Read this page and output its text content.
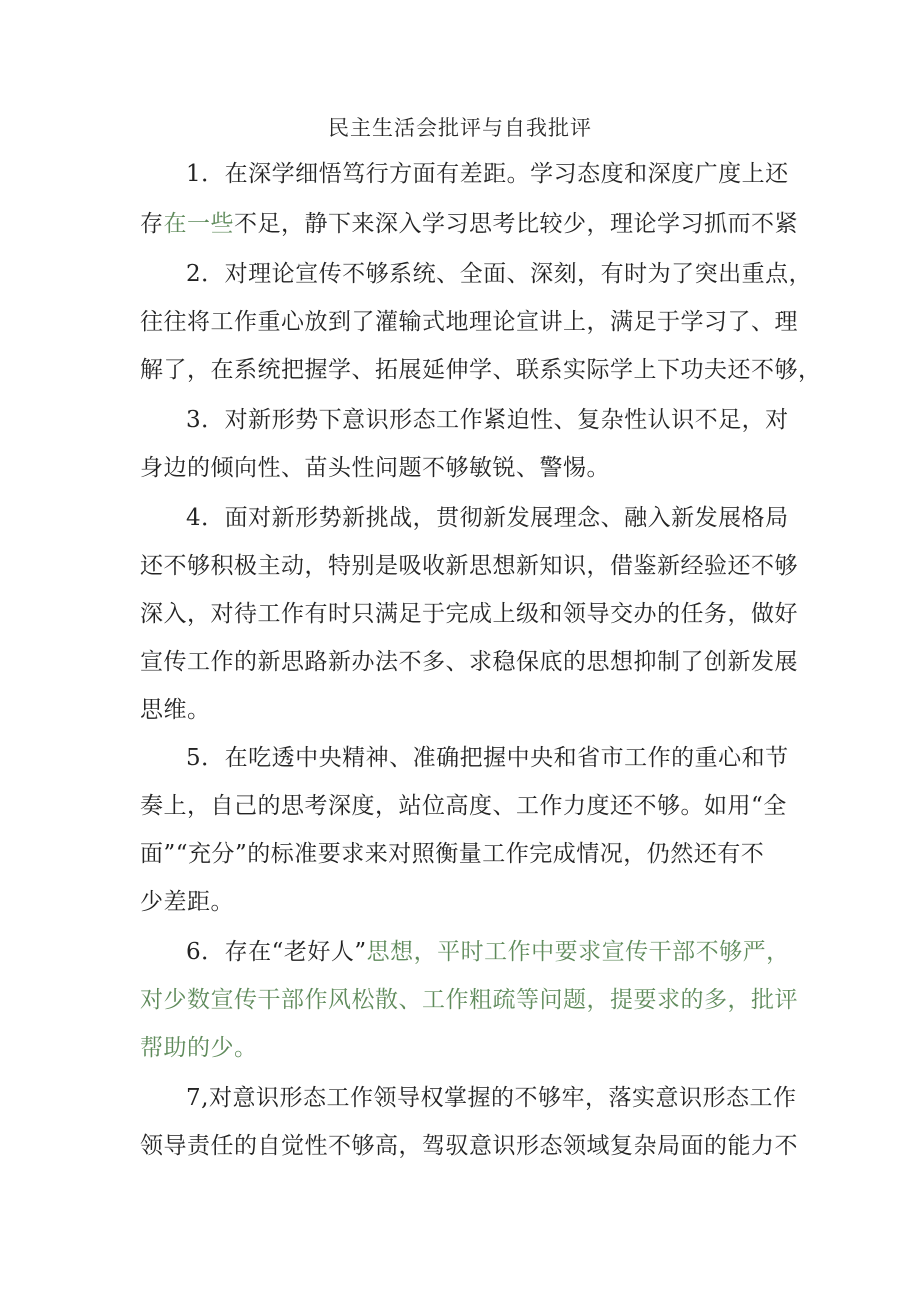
民主生活会批评与自我批评
1．在深学细悟笃行方面有差距。学习态度和深度广度上还
存在一些不足，静下来深入学习思考比较少，理论学习抓而不紧
2．对理论宣传不够系统、全面、深刻，有时为了突出重点，
往往将工作重心放到了灌输式地理论宣讲上，满足于学习了、理
解了，在系统把握学、拓展延伸学、联系实际学上下功夫还不够，
3．对新形势下意识形态工作紧迫性、复杂性认识不足，对
身边的倾向性、苗头性问题不够敏锐、警惕。
4．面对新形势新挑战，贯彻新发展理念、融入新发展格局
还不够积极主动，特别是吸收新思想新知识，借鉴新经验还不够
深入，对待工作有时只满足于完成上级和领导交办的任务，做好
宣传工作的新思路新办法不多、求稳保底的思想抑制了创新发展
思维。
5．在吃透中央精神、准确把握中央和省市工作的重心和节
奏上，自己的思考深度，站位高度、工作力度还不够。如用“全
面”“充分”的标准要求来对照衡量工作完成情况，仍然还有不
少差距。
6．存在“老好人”思想，平时工作中要求宣传干部不够严，
对少数宣传干部作风松散、工作粗疏等问题，提要求的多，批评
帮助的少。
7,对意识形态工作领导权掌握的不够牢，落实意识形态工作
领导责任的自觉性不够高，驾驭意识形态领域复杂局面的能力不
